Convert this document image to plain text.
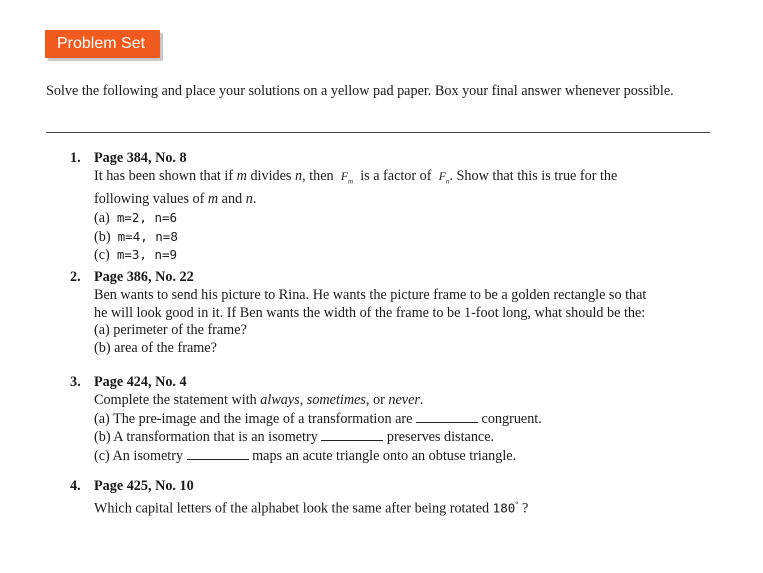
Problem Set
Solve the following and place your solutions on a yellow pad paper. Box your final answer whenever possible.
1. Page 384, No. 8
It has been shown that if m divides n, then $F_m$ is a factor of $F_n$. Show that this is true for the
following values of m and n.
(a) m=2, n=6
(b) m=4, n=8
(c) m=3, n=9
2. Page 386, No. 22
Ben wants to send his picture to Rina. He wants the picture frame to be a golden rectangle so that
he will look good in it. If Ben wants the width of the frame to be 1-foot long, what should be the:
(a) perimeter of the frame?
(b) area of the frame?
3. Page 424, No. 4
Complete the statement with always, sometimes, or never.
(a) The pre-image and the image of a transformation are	congruent.
(b) A transformation that is an isometry	preserves distance.
(c) An isometry	maps an acute triangle onto an obtuse triangle.
4. Page 425, No. 10
Which capital letters of the alphabet look the same after being rotated 180° ?
